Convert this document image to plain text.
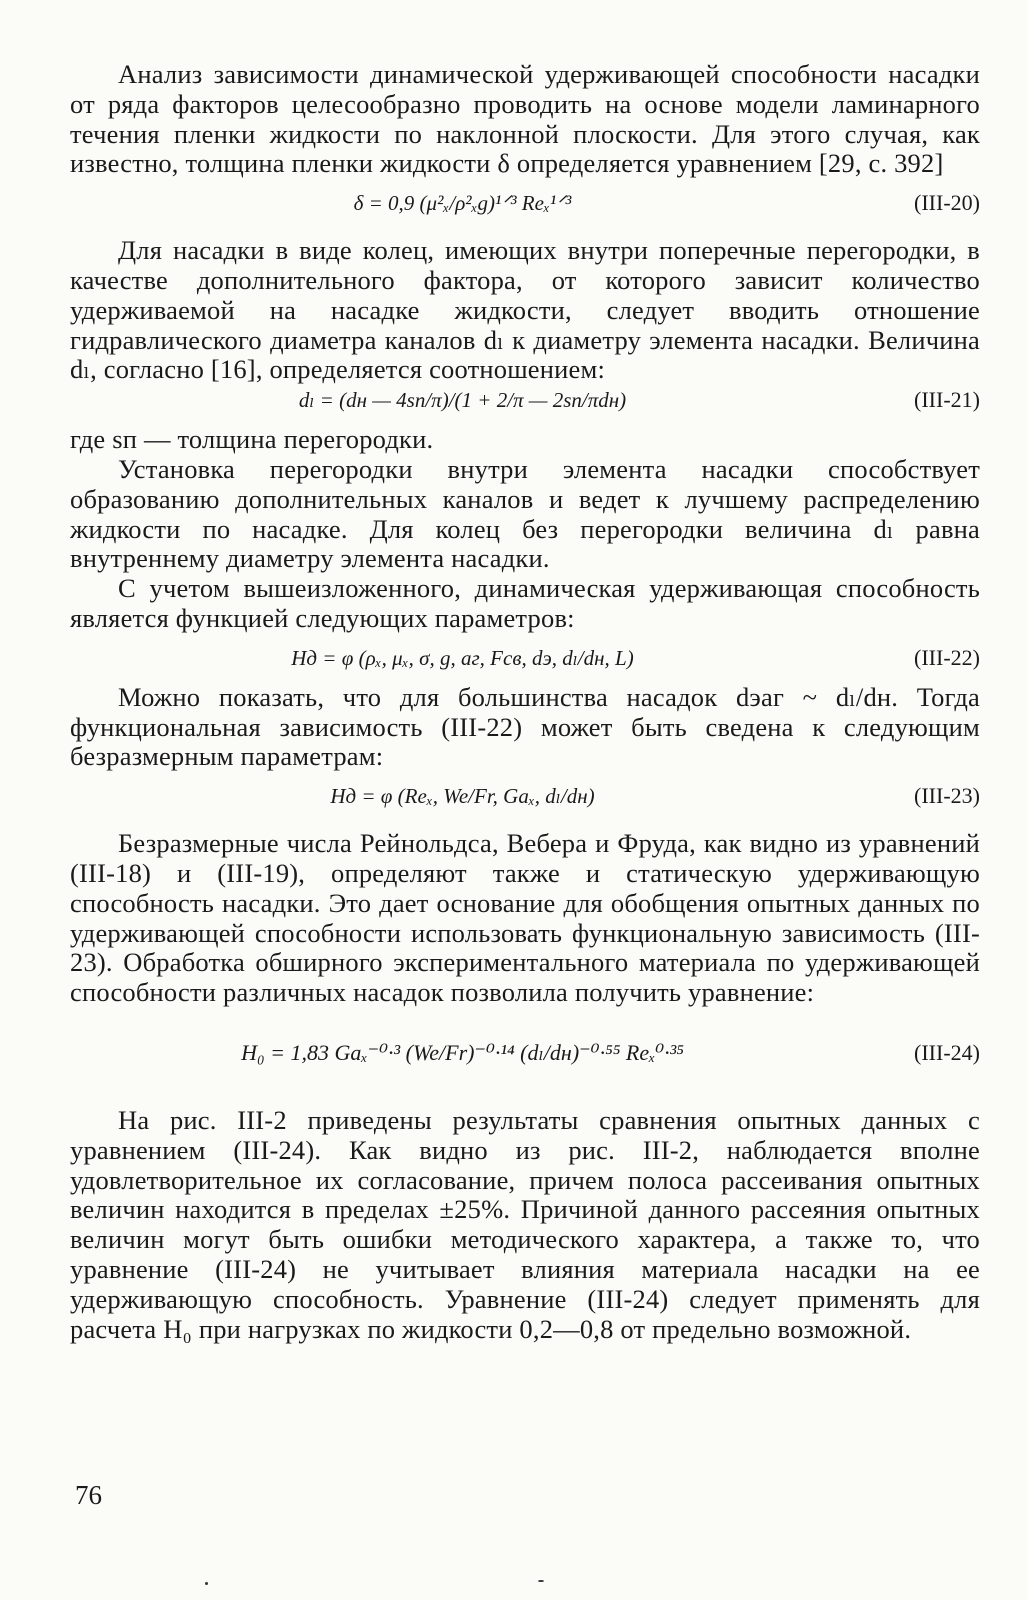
Анализ зависимости динамической удерживающей способности насадки от ряда факторов целесообразно проводить на основе модели ламинарного течения пленки жидкости по наклонной плоскости. Для этого случая, как известно, толщина пленки жидкости δ определяется уравнением [29, с. 392]

δ = 0,9 (μ²ₓ/ρ²ₓg)¹ᐟ³ Reₓ¹ᐟ³	(III-20)

Для насадки в виде колец, имеющих внутри поперечные перегородки, в качестве дополнительного фактора, от которого зависит количество удерживаемой на насадке жидкости, следует вводить отношение гидравлического диаметра каналов dₗ к диаметру элемента насадки. Величина dₗ, согласно [16], определяется соотношением:

dₗ = (dн — 4sп/π)/(1 + 2/π — 2sп/πdн)	(III-21)

где sп — толщина перегородки.

Установка перегородки внутри элемента насадки способствует образованию дополнительных каналов и ведет к лучшему распределению жидкости по насадке. Для колец без перегородки величина dₗ равна внутреннему диаметру элемента насадки.

С учетом вышеизложенного, динамическая удерживающая способность является функцией следующих параметров:

Hд = φ (ρₓ, μₓ, σ, g, aг, Fсв, dэ, dₗ/dн, L)	(III-22)

Можно показать, что для большинства насадок dэaг ~ dₗ/dн. Тогда функциональная зависимость (III-22) может быть сведена к следующим безразмерным параметрам:

Hд = φ (Reₓ, We/Fr, Gaₓ, dₗ/dн)	(III-23)

Безразмерные числа Рейнольдса, Вебера и Фруда, как видно из уравнений (III-18) и (III-19), определяют также и статическую удерживающую способность насадки. Это дает основание для обобщения опытных данных по удерживающей способности использовать функциональную зависимость (III-23). Обработка обширного экспериментального материала по удерживающей способности различных насадок позволила получить уравнение:

H₀ = 1,83 Gaₓ⁻⁰·³ (We/Fr)⁻⁰·¹⁴ (dₗ/dн)⁻⁰·⁵⁵ Reₓ⁰·³⁵	(III-24)

На рис. III-2 приведены результаты сравнения опытных данных с уравнением (III-24). Как видно из рис. III-2, наблюдается вполне удовлетворительное их согласование, причем полоса рассеивания опытных величин находится в пределах ±25%. Причиной данного рассеяния опытных величин могут быть ошибки методического характера, а также то, что уравнение (III-24) не учитывает влияния материала насадки на ее удерживающую способность. Уравнение (III-24) следует применять для расчета H₀ при нагрузках по жидкости 0,2—0,8 от предельно возможной.

76
